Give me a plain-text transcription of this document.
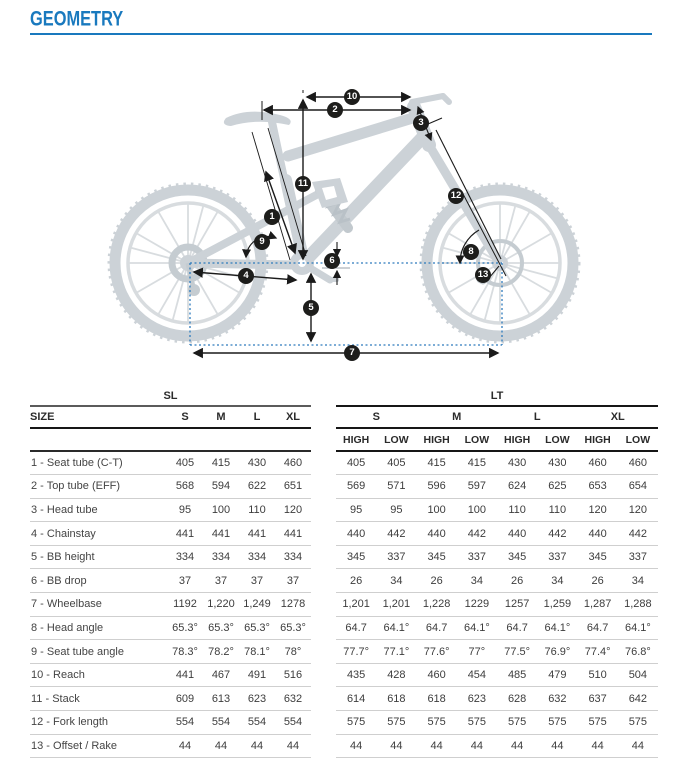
GEOMETRY
1
2
3
4
5
6
7
8
9
10
11
12
13
SL				
SIZE	S	M	L	XL

1 - Seat tube (C-T)	405	415	430	460
2 - Top tube (EFF)	568	594	622	651
3 - Head tube	95	100	110	120
4 - Chainstay	441	441	441	441
5 - BB height	334	334	334	334
6 - BB drop	37	37	37	37
7 - Wheelbase	1192	1,220	1,249	1278
8 - Head angle	65.3°	65.3°	65.3°	65.3°
9 - Seat tube angle	78.3°	78.2°	78.1°	78°
10 - Reach	441	467	491	516
11 - Stack	609	613	623	632
12 - Fork length	554	554	554	554
13 - Offset / Rake	44	44	44	44
LT							
S		M		L		XL	
HIGH	LOW	HIGH	LOW	HIGH	LOW	HIGH	LOW
405	405	415	415	430	430	460	460
569	571	596	597	624	625	653	654
95	95	100	100	110	110	120	120
440	442	440	442	440	442	440	442
345	337	345	337	345	337	345	337
26	34	26	34	26	34	26	34
1,201	1,201	1,228	1229	1257	1,259	1,287	1,288
64.7	64.1°	64.7	64.1°	64.7	64.1°	64.7	64.1°
77.7°	77.1°	77.6°	77°	77.5°	76.9°	77.4°	76.8°
435	428	460	454	485	479	510	504
614	618	618	623	628	632	637	642
575	575	575	575	575	575	575	575
44	44	44	44	44	44	44	44
